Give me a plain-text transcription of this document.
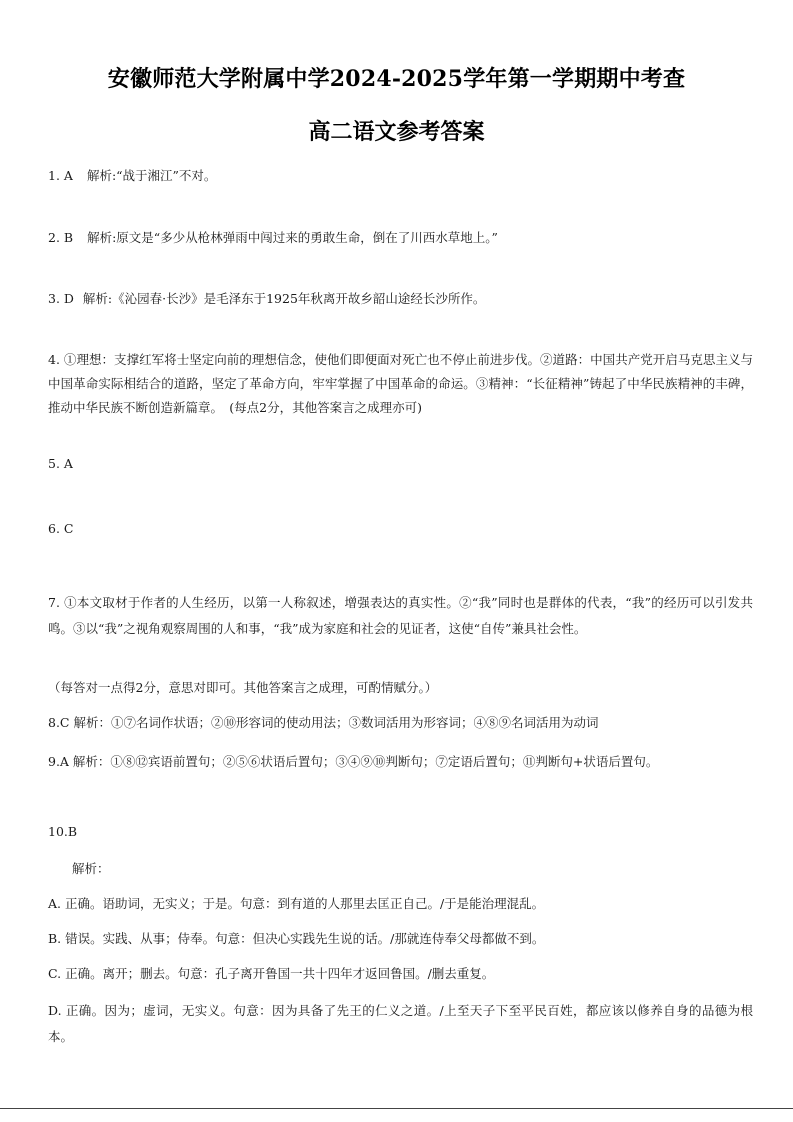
安徽师范大学附属中学2024-2025学年第一学期期中考查
高二语文参考答案

1. A 解析:“战于湘江”不对。

2. B 解析:原文是“多少从枪林弹雨中闯过来的勇敢生命，倒在了川西水草地上。”

3. D 解析:《沁园春·长沙》是毛泽东于1925年秋离开故乡韶山途经长沙所作。

4. ①理想：支撑红军将士坚定向前的理想信念，使他们即便面对死亡也不停止前进步伐。②道路：中国共产党开启马克思主义与中国革命实际相结合的道路，坚定了革命方向，牢牢掌握了中国革命的命运。③精神：“长征精神”铸起了中华民族精神的丰碑，推动中华民族不断创造新篇章。　(每点2分，其他答案言之成理亦可)

5. A

6. C

7. ①本文取材于作者的人生经历，以第一人称叙述，增强表达的真实性。②“我”同时也是群体的代表，“我”的经历可以引发共鸣。③以“我”之视角观察周围的人和事，“我”成为家庭和社会的见证者，这使“自传”兼具社会性。

（每答对一点得2分，意思对即可。其他答案言之成理，可酌情赋分。）

8.C 解析：①⑦名词作状语；②⑩形容词的使动用法；③数词活用为形容词；④⑧⑨名词活用为动词

9.A 解析：①⑧⑫宾语前置句；②⑤⑥状语后置句；③④⑨⑩判断句；⑦定语后置句；⑪判断句+状语后置句。

10.B

解析：

A. 正确。语助词，无实义；于是。句意：到有道的人那里去匡正自己。/于是能治理混乱。

B. 错误。实践、从事；侍奉。句意：但决心实践先生说的话。/那就连侍奉父母都做不到。

C. 正确。离开；删去。句意：孔子离开鲁国一共十四年才返回鲁国。/删去重复。

D. 正确。因为；虚词，无实义。句意：因为具备了先王的仁义之道。/上至天子下至平民百姓，都应该以修养自身的品德为根本。
